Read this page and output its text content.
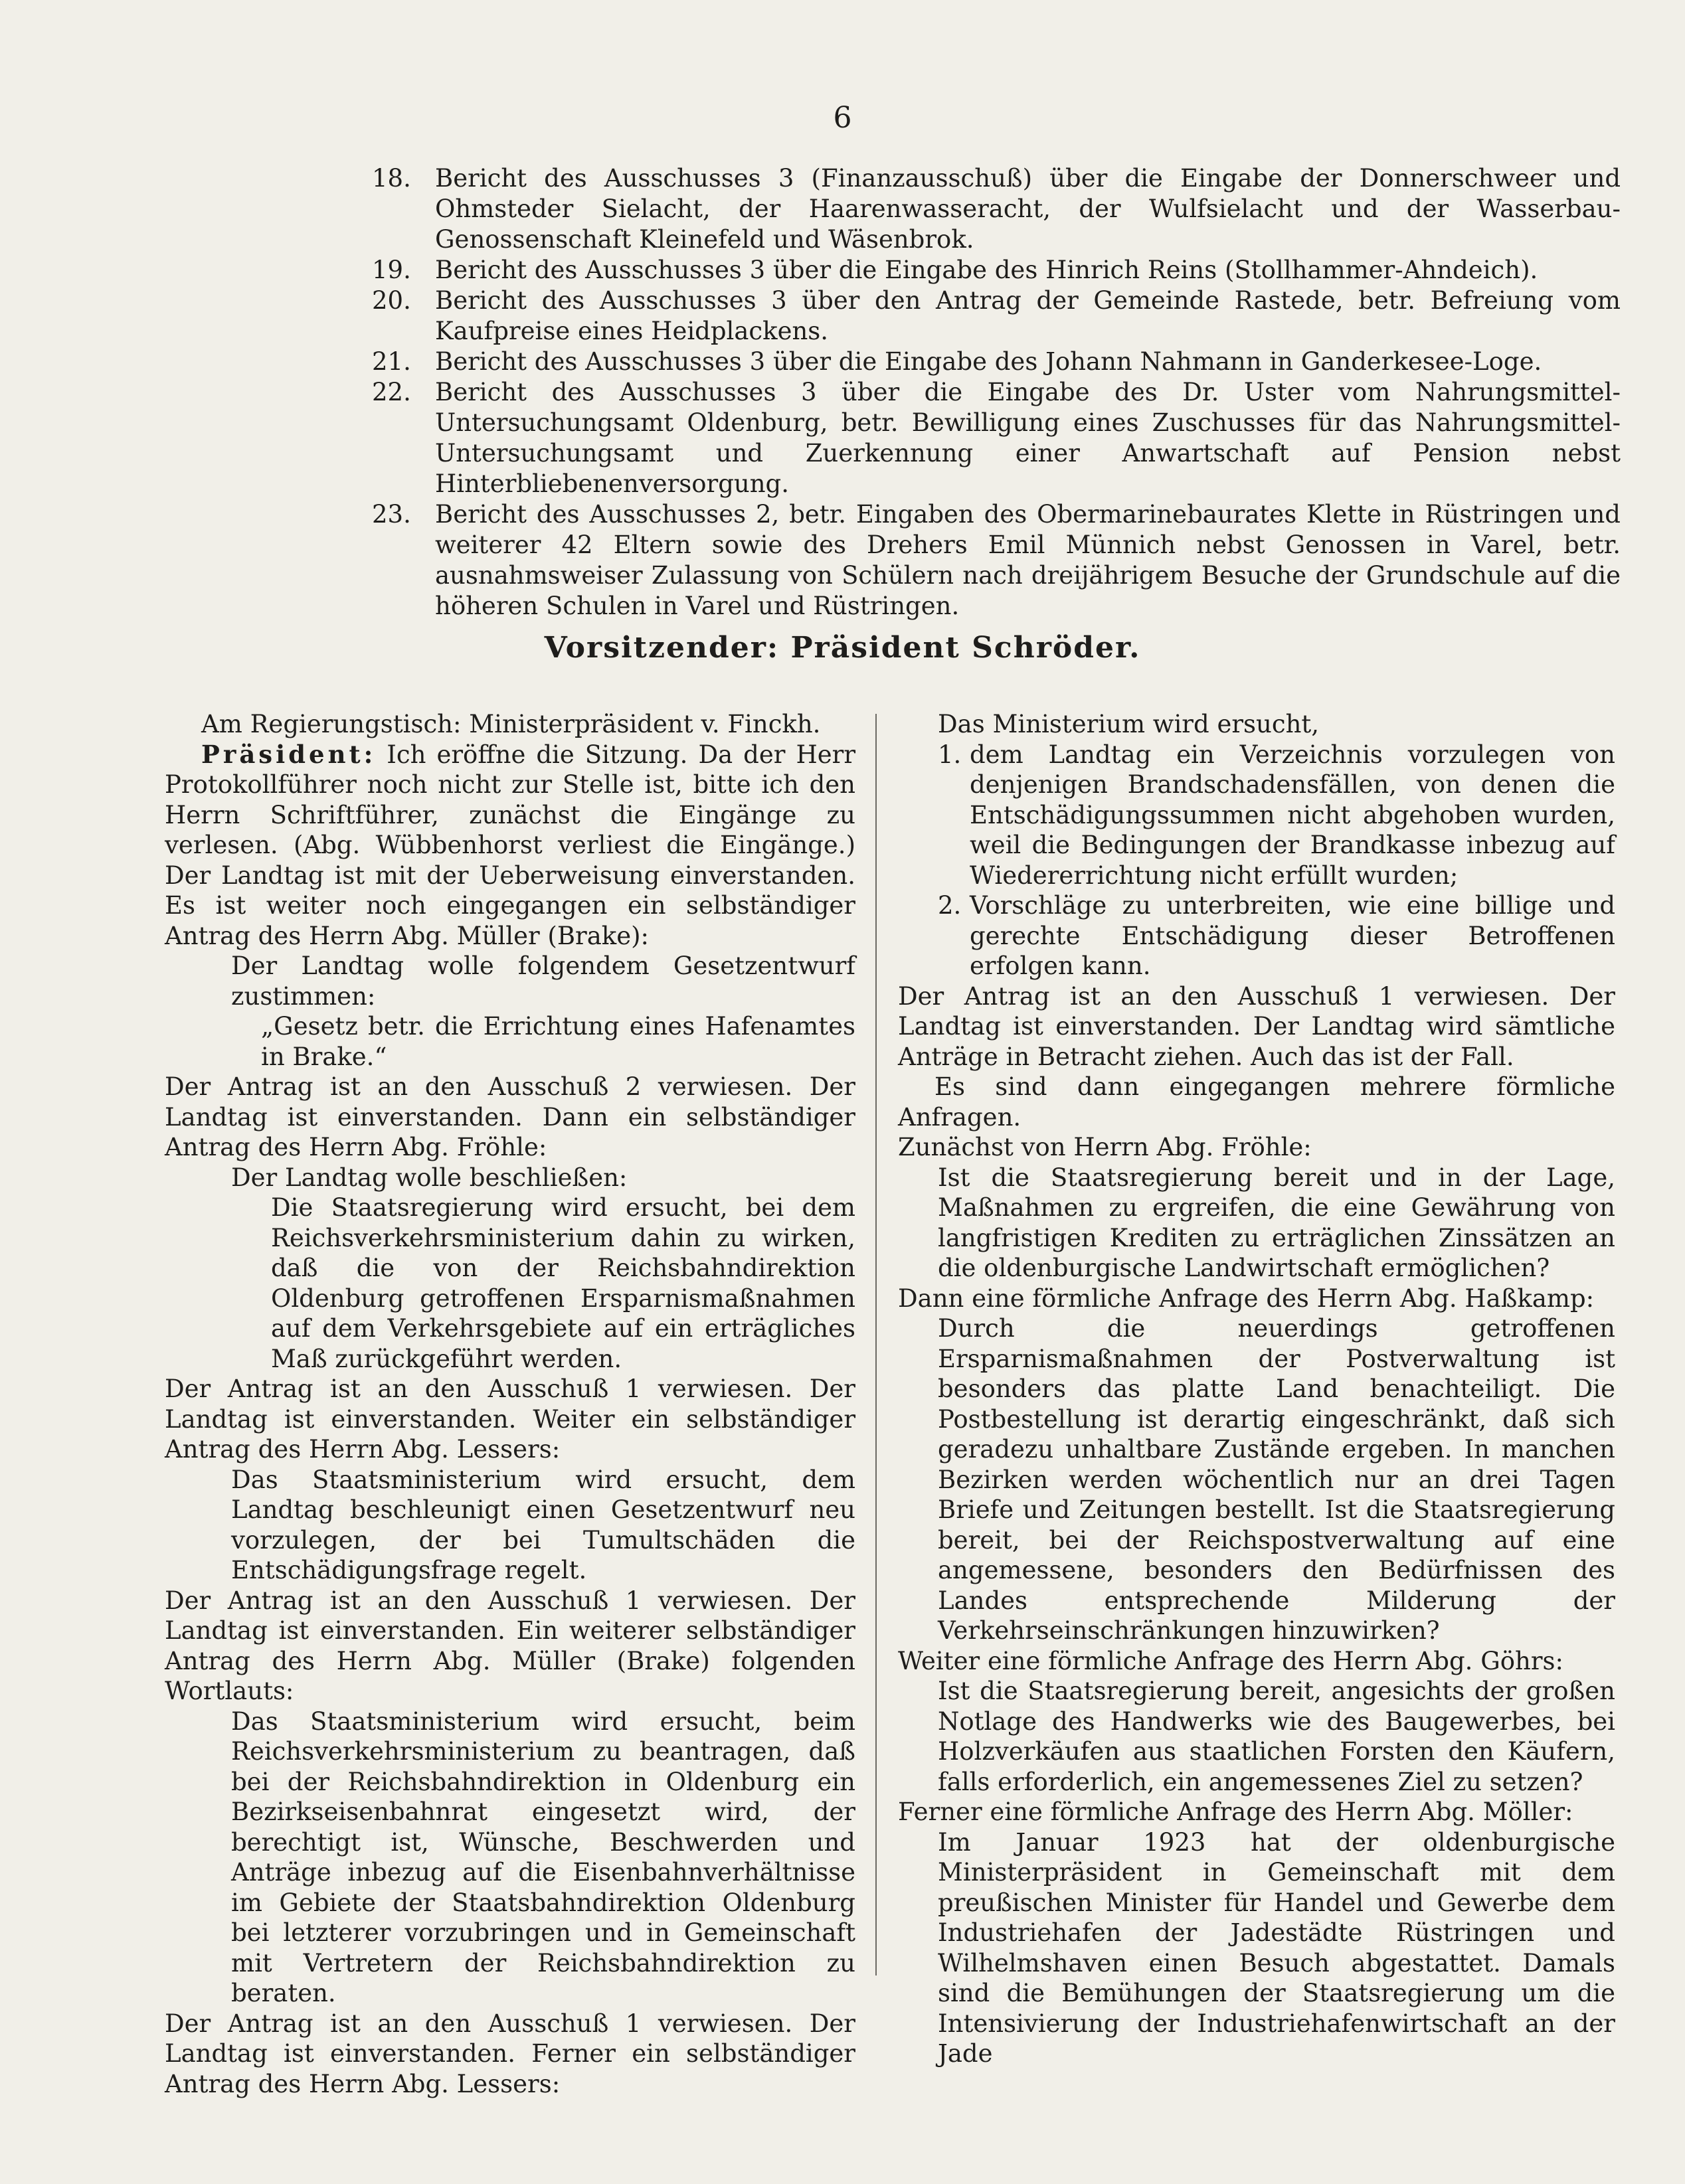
6
18. Bericht des Ausschusses 3 (Finanzausschuß) über die Eingabe der Donnerschweer und Ohmsteder Sielacht, der Haarenwasseracht, der Wulfsielacht und der Wasserbau-Genossenschaft Kleinefeld und Wäsenbrok.
19. Bericht des Ausschusses 3 über die Eingabe des Hinrich Reins (Stollhammer-Ahndeich).
20. Bericht des Ausschusses 3 über den Antrag der Gemeinde Rastede, betr. Befreiung vom Kaufpreise eines Heidplackens.
21. Bericht des Ausschusses 3 über die Eingabe des Johann Nahmann in Ganderkesee-Loge.
22. Bericht des Ausschusses 3 über die Eingabe des Dr. Uster vom Nahrungsmittel-Untersuchungsamt Oldenburg, betr. Bewilligung eines Zuschusses für das Nahrungsmittel-Untersuchungsamt und Zuerkennung einer Anwartschaft auf Pension nebst Hinterbliebenenversorgung.
23. Bericht des Ausschusses 2, betr. Eingaben des Obermarinebaurates Klette in Rüstringen und weiterer 42 Eltern sowie des Drehers Emil Münnich nebst Genossen in Varel, betr. ausnahmsweiser Zulassung von Schülern nach dreijährigem Besuche der Grundschule auf die höheren Schulen in Varel und Rüstringen.
Vorsitzender: Präsident Schröder.

Am Regierungstisch: Ministerpräsident v. Finckh.

Präsident: Ich eröffne die Sitzung. Da der Herr Protokollführer noch nicht zur Stelle ist, bitte ich den Herrn Schriftführer, zunächst die Eingänge zu verlesen. (Abg. Wübbenhorst verliest die Eingänge.) Der Landtag ist mit der Ueberweisung einverstanden. Es ist weiter noch eingegangen ein selbständiger Antrag des Herrn Abg. Müller (Brake):

Der Landtag wolle folgendem Gesetzentwurf zustimmen:

„Gesetz betr. die Errichtung eines Hafenamtes in Brake.“

Der Antrag ist an den Ausschuß 2 verwiesen. Der Landtag ist einverstanden. Dann ein selbständiger Antrag des Herrn Abg. Fröhle:

Der Landtag wolle beschließen:

Die Staatsregierung wird ersucht, bei dem Reichsverkehrsministerium dahin zu wirken, daß die von der Reichsbahndirektion Oldenburg getroffenen Ersparnismaßnahmen auf dem Verkehrsgebiete auf ein erträgliches Maß zurückgeführt werden.

Der Antrag ist an den Ausschuß 1 verwiesen. Der Landtag ist einverstanden. Weiter ein selbständiger Antrag des Herrn Abg. Lessers:

Das Staatsministerium wird ersucht, dem Landtag beschleunigt einen Gesetzentwurf neu vorzulegen, der bei Tumultschäden die Entschädigungsfrage regelt.

Der Antrag ist an den Ausschuß 1 verwiesen. Der Landtag ist einverstanden. Ein weiterer selbständiger Antrag des Herrn Abg. Müller (Brake) folgenden Wortlauts:

Das Staatsministerium wird ersucht, beim Reichsverkehrsministerium zu beantragen, daß bei der Reichsbahndirektion in Oldenburg ein Bezirkseisenbahnrat eingesetzt wird, der berechtigt ist, Wünsche, Beschwerden und Anträge inbezug auf die Eisenbahnverhältnisse im Gebiete der Staatsbahndirektion Oldenburg bei letzterer vorzubringen und in Gemeinschaft mit Vertretern der Reichsbahndirektion zu beraten.

Der Antrag ist an den Ausschuß 1 verwiesen. Der Landtag ist einverstanden. Ferner ein selbständiger Antrag des Herrn Abg. Lessers:

Das Ministerium wird ersucht,

1. dem Landtag ein Verzeichnis vorzulegen von denjenigen Brandschadensfällen, von denen die Entschädigungssummen nicht abgehoben wurden, weil die Bedingungen der Brandkasse inbezug auf Wiedererrichtung nicht erfüllt wurden;
2. Vorschläge zu unterbreiten, wie eine billige und gerechte Entschädigung dieser Betroffenen erfolgen kann.

Der Antrag ist an den Ausschuß 1 verwiesen. Der Landtag ist einverstanden. Der Landtag wird sämtliche Anträge in Betracht ziehen. Auch das ist der Fall.

Es sind dann eingegangen mehrere förmliche Anfragen.

Zunächst von Herrn Abg. Fröhle:

Ist die Staatsregierung bereit und in der Lage, Maßnahmen zu ergreifen, die eine Gewährung von langfristigen Krediten zu erträglichen Zinssätzen an die oldenburgische Landwirtschaft ermöglichen?

Dann eine förmliche Anfrage des Herrn Abg. Haßkamp:

Durch die neuerdings getroffenen Ersparnismaßnahmen der Postverwaltung ist besonders das platte Land benachteiligt. Die Postbestellung ist derartig eingeschränkt, daß sich geradezu unhaltbare Zustände ergeben. In manchen Bezirken werden wöchentlich nur an drei Tagen Briefe und Zeitungen bestellt. Ist die Staatsregierung bereit, bei der Reichspostverwaltung auf eine angemessene, besonders den Bedürfnissen des Landes entsprechende Milderung der Verkehrseinschränkungen hinzuwirken?

Weiter eine förmliche Anfrage des Herrn Abg. Göhrs:

Ist die Staatsregierung bereit, angesichts der großen Notlage des Handwerks wie des Baugewerbes, bei Holzverkäufen aus staatlichen Forsten den Käufern, falls erforderlich, ein angemessenes Ziel zu setzen?

Ferner eine förmliche Anfrage des Herrn Abg. Möller:

Im Januar 1923 hat der oldenburgische Ministerpräsident in Gemeinschaft mit dem preußischen Minister für Handel und Gewerbe dem Industriehafen der Jadestädte Rüstringen und Wilhelmshaven einen Besuch abgestattet. Damals sind die Bemühungen der Staatsregierung um die Intensivierung der Industriehafenwirtschaft an der Jade
